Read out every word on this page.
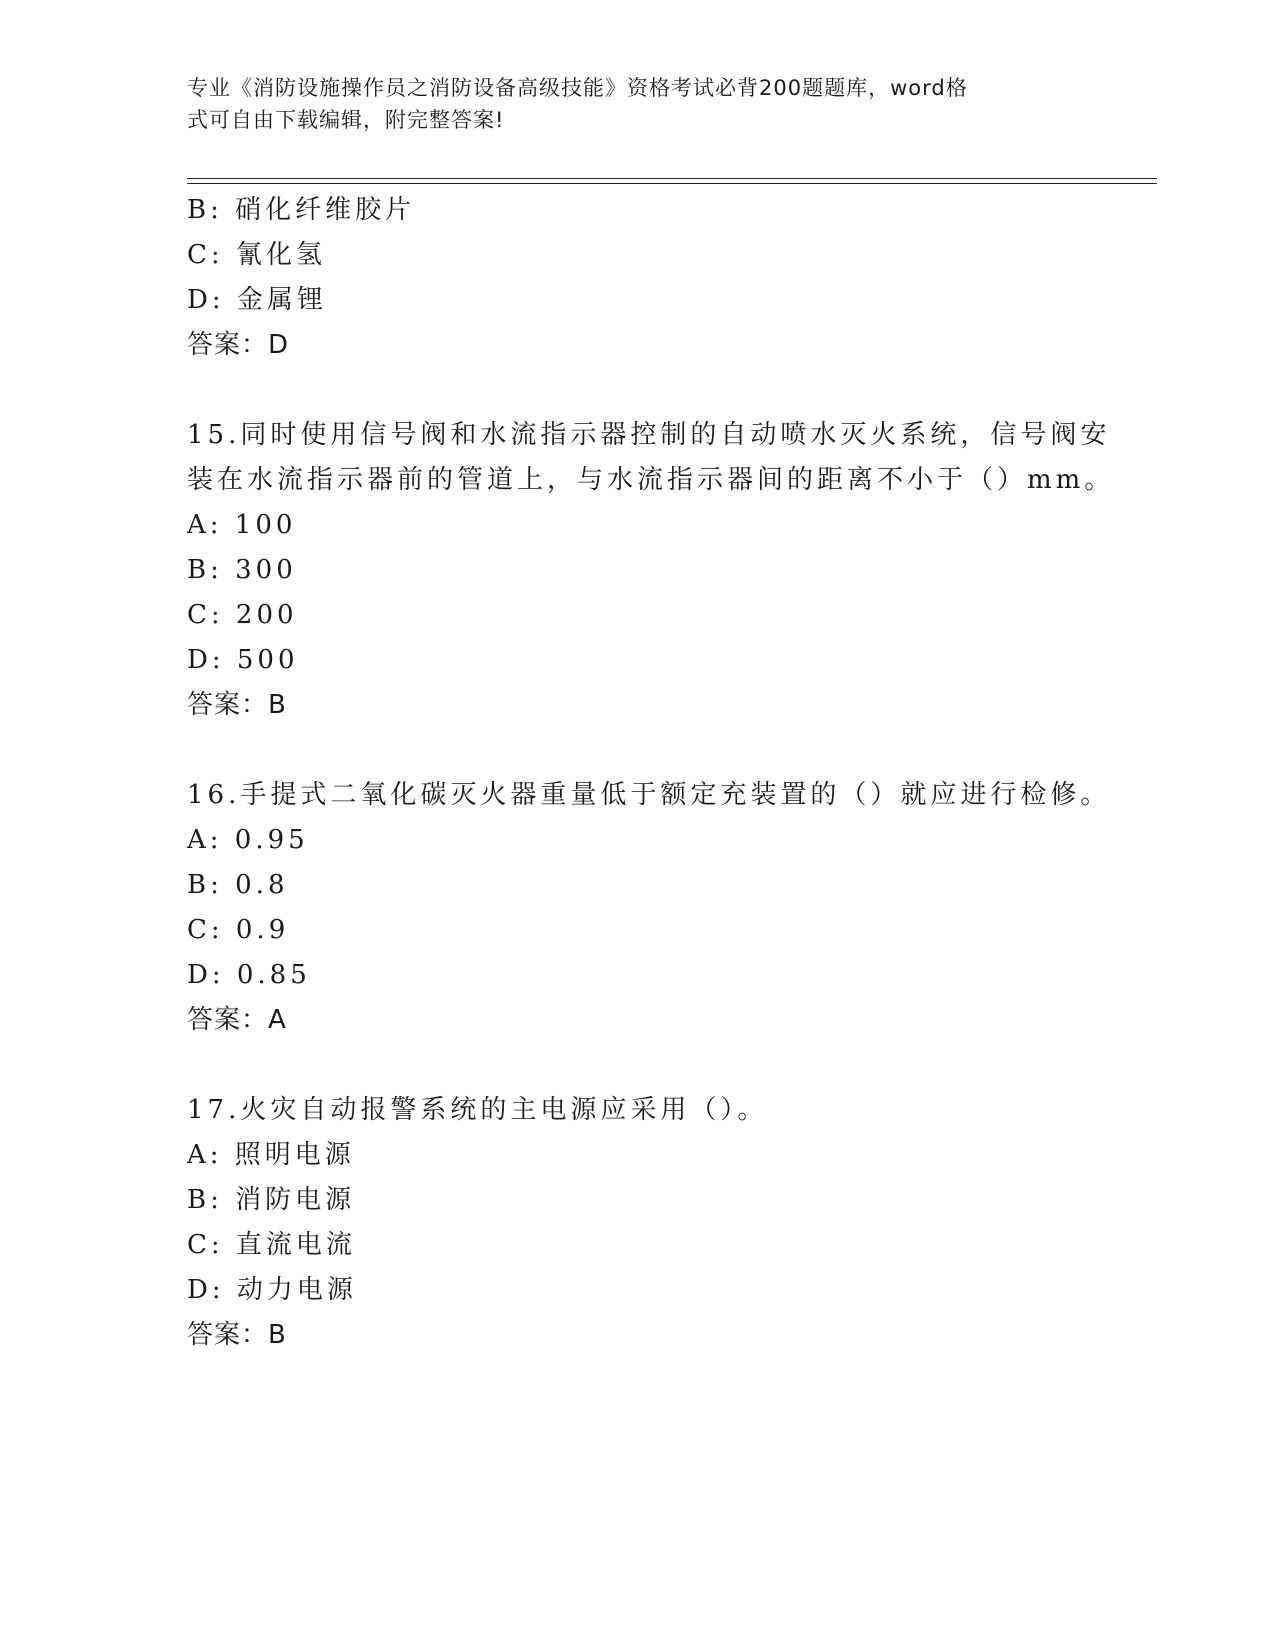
专业《消防设施操作员之消防设备高级技能》资格考试必背200题题库，word格
式可自由下载编辑，附完整答案!
B: 硝化纤维胶片
C: 氰化氢
D: 金属锂
答案：D
15.同时使用信号阀和水流指示器控制的自动喷水灭火系统，信号阀安
装在水流指示器前的管道上，与水流指示器间的距离不小于（）mm。
A: 100
B: 300
C: 200
D: 500
答案：B
16.手提式二氧化碳灭火器重量低于额定充装置的（）就应进行检修。
A: 0.95
B: 0.8
C: 0.9
D: 0.85
答案：A
17.火灾自动报警系统的主电源应采用（）。
A: 照明电源
B: 消防电源
C: 直流电流
D: 动力电源
答案：B
